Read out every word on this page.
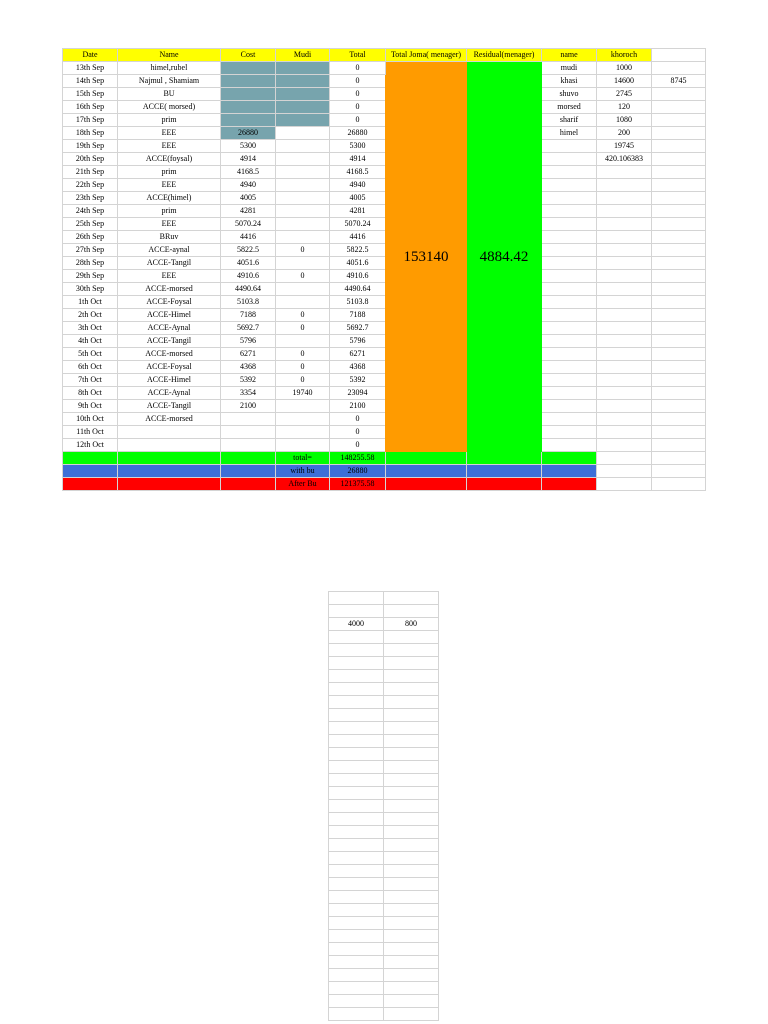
Date	Name	Cost	Mudi	Total	Total Joma( menager)	Residual(menager)	name	khoroch	
13th Sep	himel,rubel			0	153140	4884.42	mudi	1000	
14th Sep	Najmul , Shamiam			0			khasi	14600	8745
15th Sep	BU			0			shuvo	2745	
16th Sep	ACCE( morsed)			0			morsed	120	
17th Sep	prim			0			sharif	1080	
18th Sep	EEE	26880		26880			himel	200	
19th Sep	EEE	5300		5300				19745	
20th Sep	ACCE(foysal)	4914		4914				420.106383	
21th Sep	prim	4168.5		4168.5					
22th Sep	EEE	4940		4940					
23th Sep	ACCE(himel)	4005		4005					
24th Sep	prim	4281		4281					
25th Sep	EEE	5070.24		5070.24					
26th Sep	BRuv	4416		4416					
27th Sep	ACCE-aynal	5822.5	0	5822.5					
28th Sep	ACCE-Tangil	4051.6		4051.6					
29th Sep	EEE	4910.6	0	4910.6					
30th Sep	ACCE-morsed	4490.64		4490.64					
1th Oct	ACCE-Foysal	5103.8		5103.8					
2th Oct	ACCE-Himel	7188	0	7188					
3th Oct	ACCE-Aynal	5692.7	0	5692.7					
4th Oct	ACCE-Tangil	5796		5796					
5th Oct	ACCE-morsed	6271	0	6271					
6th Oct	ACCE-Foysal	4368	0	4368					
7th Oct	ACCE-Himel	5392	0	5392					
8th Oct	ACCE-Aynal	3354	19740	23094					
9th Oct	ACCE-Tangil	2100		2100					
10th Oct	ACCE-morsed			0					
11th Oct				0					
12th Oct				0					
			total=	148255.58					
			with bu	26880					
			After Bu	121375.58					

4000	800
